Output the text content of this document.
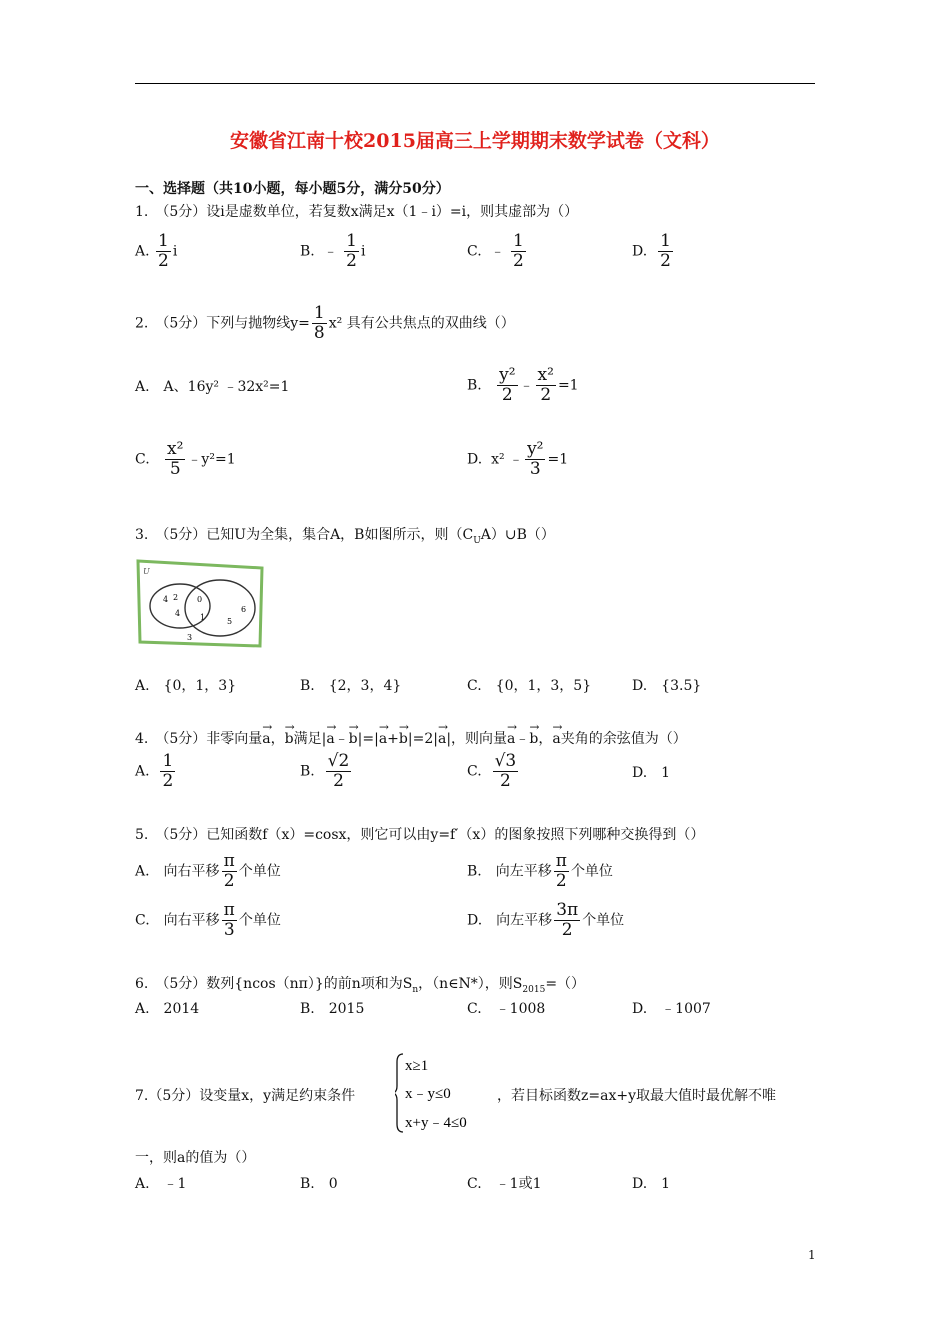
安徽省江南十校2015届高三上学期期末数学试卷（文科）
一、选择题（共10小题，每小题5分，满分50分）
1.　（5分）设i是虚数单位，若复数x满足x（1﹣i）=i，则其虚部为（）
A. $\frac{1}{2}$ i	B. ﹣ $\frac{1}{2}$ i	C. ﹣ $\frac{1}{2}$	D. $\frac{1}{2}$
2.　（5分）下列与抛物线$y= \frac{1}{8} x^2$ 具有公共焦点的双曲线（）
A.　A、16y² ﹣32x²=1	B. $\frac{\text{y²}}{2}$ ﹣ $\frac{\text{x²}}{2} =1$
C. $\frac{\text{x²}}{5}$ ﹣y²=1	D. x² ﹣ $\frac{\text{y²}}{3} =1$
3.　（5分）已知U为全集，集合A，B如图所示，则$(C_UA)\cup B()$
U
4 2 0
6
4 1	5
3
A.　{0，1，3}	B.　{2，3，4}	C.　{0，1，3，5}	D.　{3.5}
4.　（5分）非零向量→ a，→ b满足|→ a﹣→ b|=|→ a+→ b|=2|→ a|，则向量→ a﹣→ b，→ a夹角的余弦值为（）
A. $\frac{1}{2}$	B. $\frac{√2}{2}$	C. $\frac{√3}{2}$	D.　1
5.　（5分）已知函数f（x）=cosx，则它可以由y=f′（x）的图象按照下列哪种交换得到（）
A.　向右平移 $\frac{\pi}{2}$ 个单位	B.　向左平移 $\frac{\pi}{2}$ 个单位
C.　向右平移 $\frac{\pi}{3}$ 个单位	D.　向左平移 $\frac{3\pi}{2}$ 个单位
6.　（5分）数列{ncos（nπ）}的前n项和为$S_n$，（n∈N*），则$S_{2015}=()$
A.　2014	B.　2015	C.　﹣1008	D.　﹣1007
7.（5分）设变量x，y满足约束条件
x≥1
x﹣y≤0
x+y﹣4≤0
，若目标函数z=ax+y取最大值时最优解不唯
一，则a的值为（）
A.　﹣1	B.　0	C.　﹣1或1	D.　1
1
